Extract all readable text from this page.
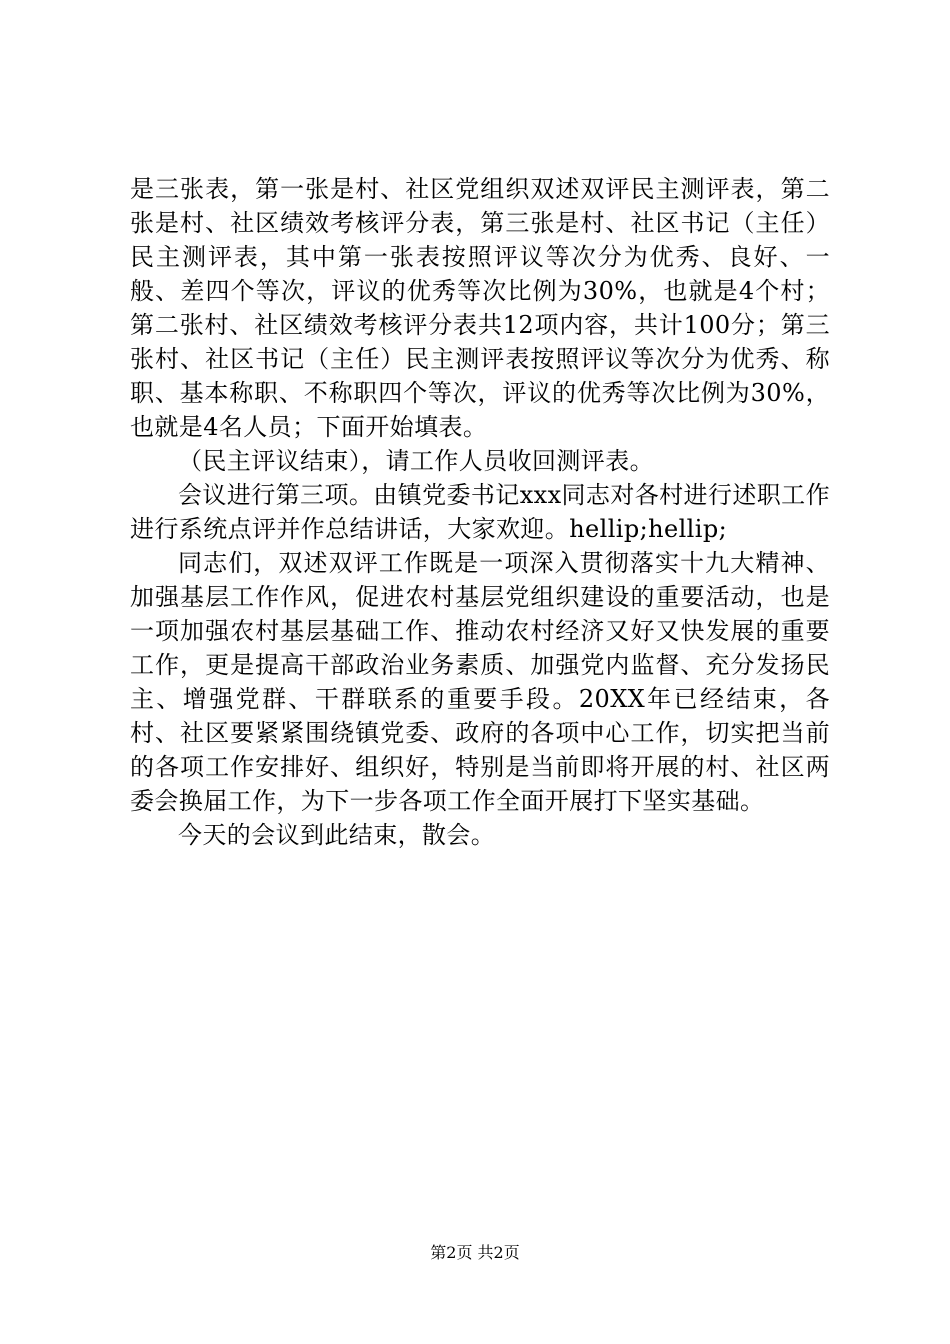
是三张表，第一张是村、社区党组织双述双评民主测评表，第二张是村、社区绩效考核评分表，第三张是村、社区书记（主任）民主测评表，其中第一张表按照评议等次分为优秀、良好、一般、差四个等次，评议的优秀等次比例为30%，也就是4个村；第二张村、社区绩效考核评分表共12项内容，共计100分；第三张村、社区书记（主任）民主测评表按照评议等次分为优秀、称职、基本称职、不称职四个等次，评议的优秀等次比例为30%，也就是4名人员；下面开始填表。

（民主评议结束），请工作人员收回测评表。

会议进行第三项。由镇党委书记xxx同志对各村进行述职工作进行系统点评并作总结讲话，大家欢迎。hellip;hellip;

同志们，双述双评工作既是一项深入贯彻落实十九大精神、加强基层工作作风，促进农村基层党组织建设的重要活动，也是一项加强农村基层基础工作、推动农村经济又好又快发展的重要工作，更是提高干部政治业务素质、加强党内监督、充分发扬民主、增强党群、干群联系的重要手段。20XX年已经结束，各村、社区要紧紧围绕镇党委、政府的各项中心工作，切实把当前的各项工作安排好、组织好，特别是当前即将开展的村、社区两委会换届工作，为下一步各项工作全面开展打下坚实基础。

今天的会议到此结束，散会。

第2页 共2页
